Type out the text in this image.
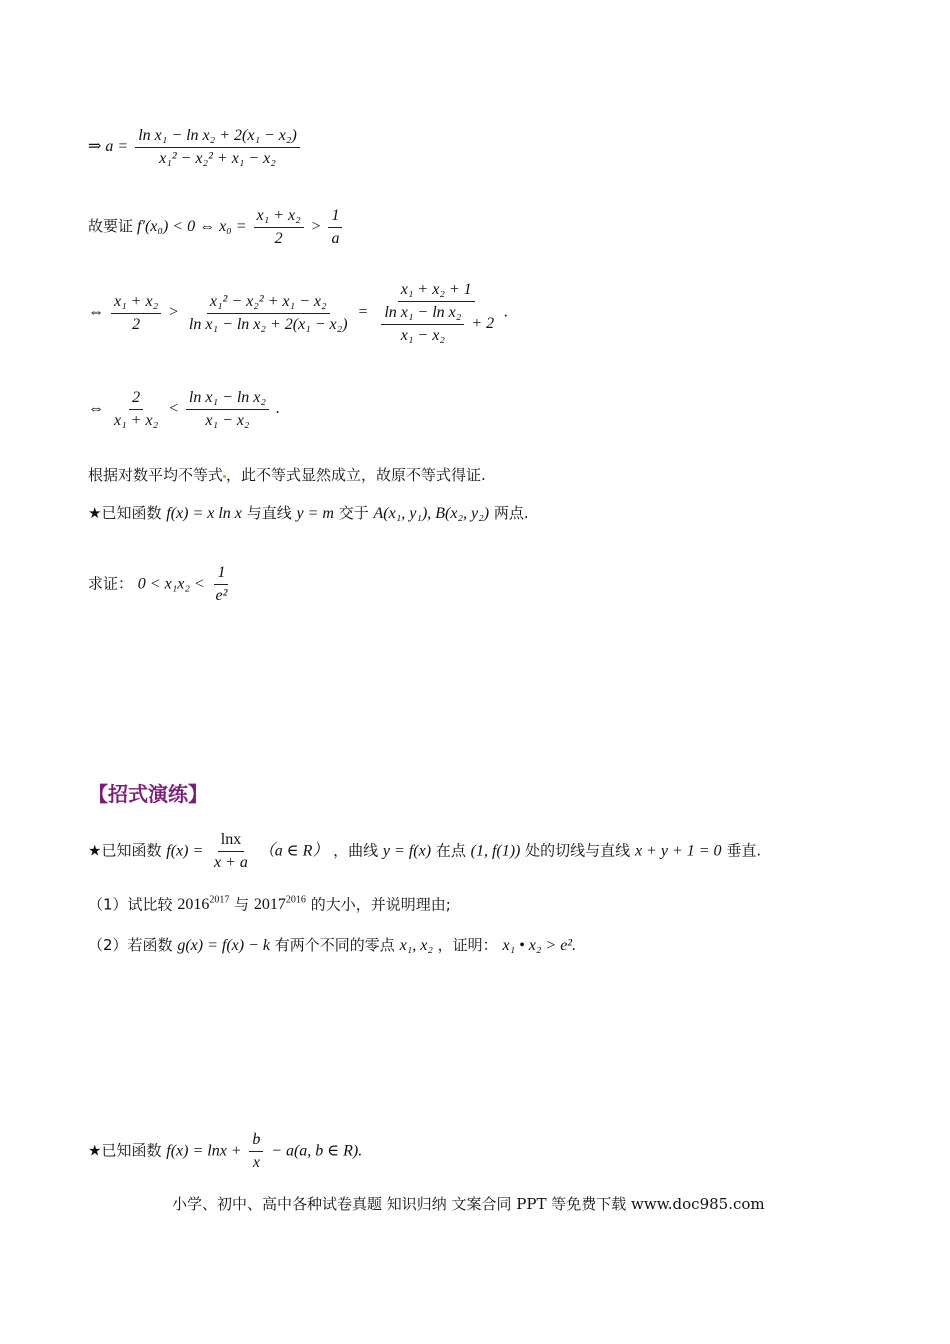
⇒ $a = \frac{\text{ln x₁ − ln x₂ + 2(x₁ − x₂)}}{\text{x₁² − x₂² + x₁ − x₂}}$
故要证 f′(x₀) < 0 ⇔ $x_0 = \frac{\text{x₁ + x₂}}{2} > \frac{1}{a}$
⇔ $\frac{\text{x₁ + x₂}}{2} > \frac{\text{x₁² − x₂² + x₁ − x₂}}{\text{ln x₁ − ln x₂ + 2(x₁ − x₂)}} = \frac{\text{x₁ + x₂ + 1}}{\frac{\text{ln x₁ − ln x₂}}{\text{x₁ − x₂}} + 2}$ .
⇔ $\frac{2}{\text{x₁ + x₂}} < \frac{\text{ln x₁ − ln x₂}}{\text{x₁ − x₂}}$ .
根据对数平均不等式 ，此不等式显然成立，故原不等式得证.
★已知函数 f(x) = x ln x 与直线 y = m 交于 A(x₁, y₁), B(x₂, y₂) 两点.
求证： $0 < x_1x_2 < \frac{1}{\text{e²}}$
【招式演练】
★已知函数 $f(x) = \frac{\ln x}{x + a} (a$ ∈ R） ，曲线 y = f(x) 在点 (1, f(1)) 处的切线与直线 x + y + 1 = 0 垂直.
（1）试比较 $2016^{2017}$ 与 $2017^{2016}$ 的大小，并说明理由;
（2）若函数 g(x) = f(x) − k 有两个不同的零点 x₁, x₂ ，证明： x₁ • x₂ > e².
★已知函数 $f(x) = \ln x + \frac{b}{x} - a(a$, b ∈ R).
小学、初中、高中各种试卷真题 知识归纳 文案合同 PPT 等免费下载 www.doc985.com
